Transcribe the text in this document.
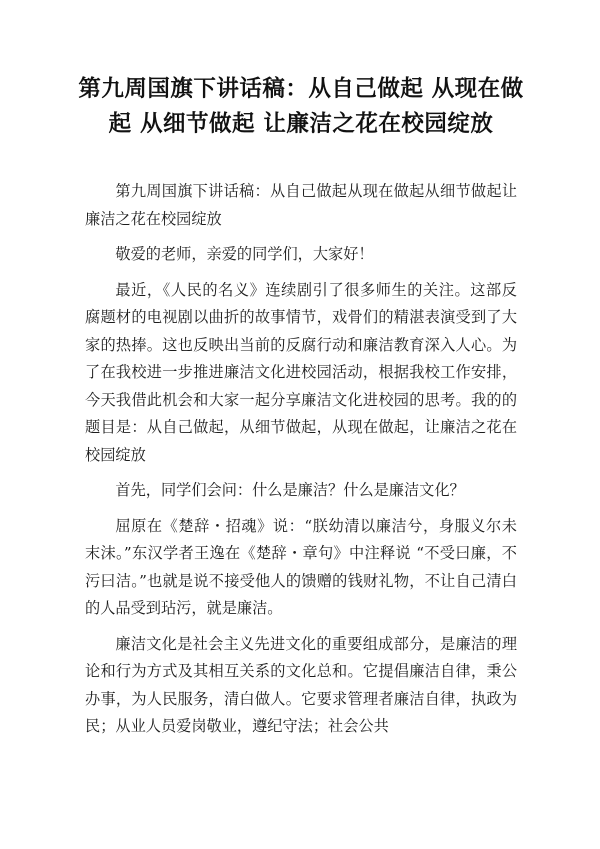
第九周国旗下讲话稿：从自己做起 从现在做起 从细节做起 让廉洁之花在校园绽放

第九周国旗下讲话稿：从自己做起从现在做起从细节做起让廉洁之花在校园绽放

敬爱的老师，亲爱的同学们，大家好！

最近，《人民的名义》连续剧引了很多师生的关注。这部反腐题材的电视剧以曲折的故事情节，戏骨们的精湛表演受到了大家的热捧。这也反映出当前的反腐行动和廉洁教育深入人心。为了在我校进一步推进廉洁文化进校园活动，根据我校工作安排，今天我借此机会和大家一起分享廉洁文化进校园的思考。我的的题目是：从自己做起，从细节做起，从现在做起，让廉洁之花在校园绽放

首先，同学们会问：什么是廉洁？什么是廉洁文化？

屈原在《楚辞・招魂》说：“朕幼清以廉洁兮，身服义尔未末沫。”东汉学者王逸在《楚辞・章句》中注释说 “不受曰廉，不污曰洁。”也就是说不接受他人的馈赠的钱财礼物，不让自己清白的人品受到玷污，就是廉洁。

廉洁文化是社会主义先进文化的重要组成部分，是廉洁的理论和行为方式及其相互关系的文化总和。它提倡廉洁自律，秉公办事，为人民服务，清白做人。它要求管理者廉洁自律，执政为民；从业人员爱岗敬业，遵纪守法；社会公共
